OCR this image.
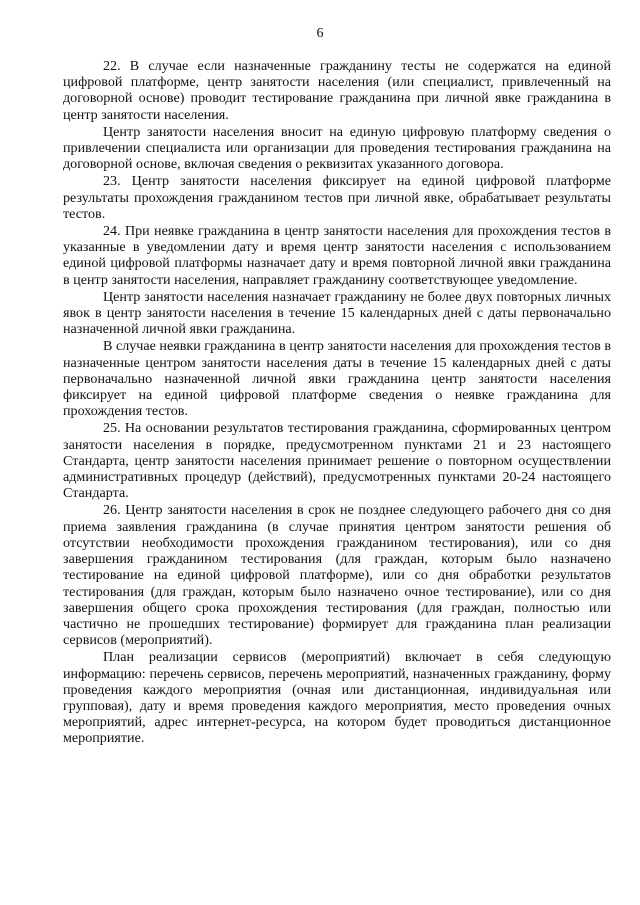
6

22. В случае если назначенные гражданину тесты не содержатся на единой цифровой платформе, центр занятости населения (или специалист, привлеченный на договорной основе) проводит тестирование гражданина при личной явке гражданина в центр занятости населения.

Центр занятости населения вносит на единую цифровую платформу сведения о привлечении специалиста или организации для проведения тестирования гражданина на договорной основе, включая сведения о реквизитах указанного договора.

23. Центр занятости населения фиксирует на единой цифровой платформе результаты прохождения гражданином тестов при личной явке, обрабатывает результаты тестов.

24. При неявке гражданина в центр занятости населения для прохождения тестов в указанные в уведомлении дату и время центр занятости населения с использованием единой цифровой платформы назначает дату и время повторной личной явки гражданина в центр занятости населения, направляет гражданину соответствующее уведомление.

Центр занятости населения назначает гражданину не более двух повторных личных явок в центр занятости населения в течение 15 календарных дней с даты первоначально назначенной личной явки гражданина.

В случае неявки гражданина в центр занятости населения для прохождения тестов в назначенные центром занятости населения даты в течение 15 календарных дней с даты первоначально назначенной личной явки гражданина центр занятости населения фиксирует на единой цифровой платформе сведения о неявке гражданина для прохождения тестов.

25. На основании результатов тестирования гражданина, сформированных центром занятости населения в порядке, предусмотренном пунктами 21 и 23 настоящего Стандарта, центр занятости населения принимает решение о повторном осуществлении административных процедур (действий), предусмотренных пунктами 20-24 настоящего Стандарта.

26. Центр занятости населения в срок не позднее следующего рабочего дня со дня приема заявления гражданина (в случае принятия центром занятости решения об отсутствии необходимости прохождения гражданином тестирования), или со дня завершения гражданином тестирования (для граждан, которым было назначено тестирование на единой цифровой платформе), или со дня обработки результатов тестирования (для граждан, которым было назначено очное тестирование), или со дня завершения общего срока прохождения тестирования (для граждан, полностью или частично не прошедших тестирование) формирует для гражданина план реализации сервисов (мероприятий).

План реализации сервисов (мероприятий) включает в себя следующую информацию: перечень сервисов, перечень мероприятий, назначенных гражданину, форму проведения каждого мероприятия (очная или дистанционная, индивидуальная или групповая), дату и время проведения каждого мероприятия, место проведения очных мероприятий, адрес интернет-ресурса, на котором будет проводиться дистанционное мероприятие.
